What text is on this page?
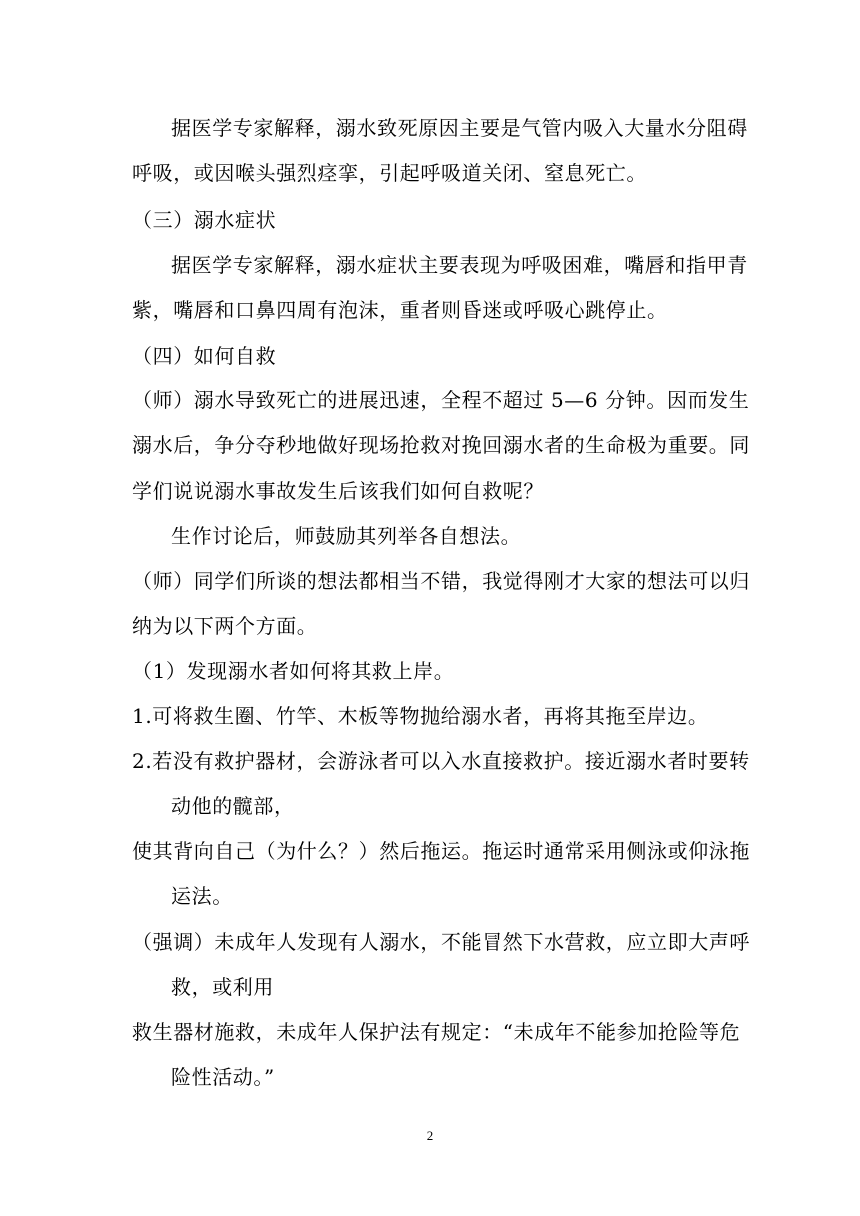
据医学专家解释，溺水致死原因主要是气管内吸入大量水分阻碍
呼吸，或因喉头强烈痉挛，引起呼吸道关闭、窒息死亡。
（三）溺水症状
据医学专家解释，溺水症状主要表现为呼吸困难，嘴唇和指甲青
紫，嘴唇和口鼻四周有泡沫，重者则昏迷或呼吸心跳停止。
（四）如何自救
（师）溺水导致死亡的进展迅速，全程不超过 5—6 分钟。因而发生
溺水后，争分夺秒地做好现场抢救对挽回溺水者的生命极为重要。同
学们说说溺水事故发生后该我们如何自救呢？
生作讨论后，师鼓励其列举各自想法。
（师）同学们所谈的想法都相当不错，我觉得刚才大家的想法可以归
纳为以下两个方面。
（1）发现溺水者如何将其救上岸。
1.可将救生圈、竹竿、木板等物抛给溺水者，再将其拖至岸边。
2.若没有救护器材，会游泳者可以入水直接救护。接近溺水者时要转
动他的髋部，
使其背向自己（为什么？）然后拖运。拖运时通常采用侧泳或仰泳拖
运法。
（强调）未成年人发现有人溺水，不能冒然下水营救，应立即大声呼
救，或利用
救生器材施救，未成年人保护法有规定：“未成年不能参加抢险等危
险性活动。”
2
